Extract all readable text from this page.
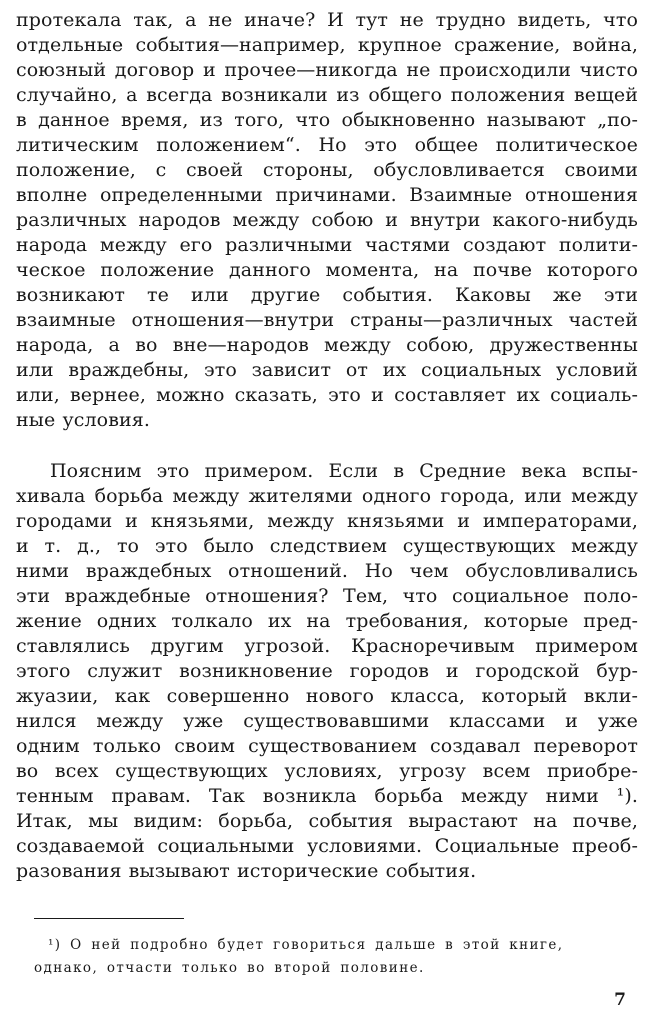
протекала так, а не иначе? И тут не трудно видеть, что
отдельные события—например, крупное сражение, война,
союзный договор и прочее—никогда не происходили чисто
случайно, а всегда возникали из общего положения вещей
в данное время, из того, что обыкновенно называют „по-
литическим положением“. Но это общее политическое
положение, с своей стороны, обусловливается своими
вполне определенными причинами. Взаимные отношения
различных народов между собою и внутри какого-нибудь
народа между его различными частями создают полити-
ческое положение данного момента, на почве которого
возникают те или другие события. Каковы же эти
взаимные отношения—внутри страны—различных частей
народа, а во вне—народов между собою, дружественны
или враждебны, это зависит от их социальных условий
или, вернее, можно сказать, это и составляет их социаль-
ные условия.
Поясним это примером. Если в Средние века вспы-
хивала борьба между жителями одного города, или между
городами и князьями, между князьями и императорами,
и т. д., то это было следствием существующих между
ними враждебных отношений. Но чем обусловливались
эти враждебные отношения? Тем, что социальное поло-
жение одних толкало их на требования, которые пред-
ставлялись другим угрозой. Красноречивым примером
этого служит возникновение городов и городской бур-
жуазии, как совершенно нового класса, который вкли-
нился между уже существовавшими классами и уже
одним только своим существованием создавал переворот
во всех существующих условиях, угрозу всем приобре-
тенным правам. Так возникла борьба между ними ¹).
Итак, мы видим: борьба, события вырастают на почве,
создаваемой социальными условиями. Социальные преоб-
разования вызывают исторические события.
¹) О ней подробно будет говориться дальше в этой книге,
однако, отчасти только во второй половине.
7
